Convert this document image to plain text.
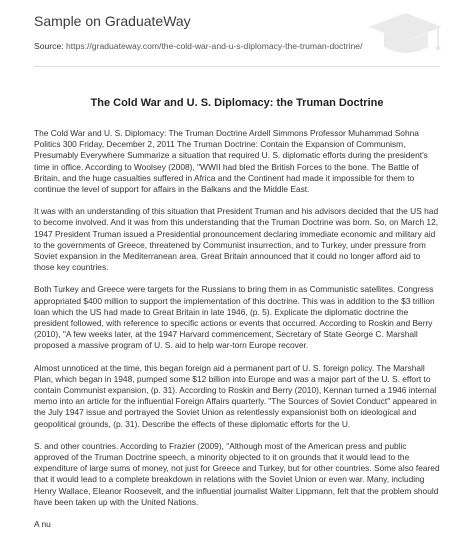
Sample on GraduateWay
Source: https://graduateway.com/the-cold-war-and-u-s-diplomacy-the-truman-doctrine/
The Cold War and U. S. Diplomacy: the Truman Doctrine

The Cold War and U. S. Diplomacy: The Truman Doctrine Ardell Simmons Professor Muhammad Sohna Politics 300 Friday, December 2, 2011 The Truman Doctrine: Contain the Expansion of Communism, Presumably Everywhere Summarize a situation that required U. S. diplomatic efforts during the president's time in office. According to Woolsey (2008), "WWII had bled the British Forces to the bone. The Battle of Britain, and the huge casualties suffered in Africa and the Continent had made it impossible for them to continue the level of support for affairs in the Balkans and the Middle East.

It was with an understanding of this situation that President Truman and his advisors decided that the US had to become involved. And it was from this understanding that the Truman Doctrine was born. So, on March 12, 1947 President Truman issued a Presidential pronouncement declaring immediate economic and military aid to the governments of Greece, threatened by Communist insurrection, and to Turkey, under pressure from Soviet expansion in the Mediterranean area. Great Britain announced that it could no longer afford aid to those key countries.

Both Turkey and Greece were targets for the Russians to bring them in as Communistic satellites. Congress appropriated $400 million to support the implementation of this doctrine. This was in addition to the $3 trillion loan which the US had made to Great Britain in late 1946, (p. 5). Explicate the diplomatic doctrine the president followed, with reference to specific actions or events that occurred. According to Roskin and Berry (2010), "A few weeks later, at the 1947 Harvard commencement, Secretary of State George C. Marshall proposed a massive program of U. S. aid to help war-torn Europe recover.

Almost unnoticed at the time, this began foreign aid a permanent part of U. S. foreign policy. The Marshall Plan, which began in 1948, pumped some $12 billion into Europe and was a major part of the U. S. effort to contain Communist expansion, (p. 31). According to Roskin and Berry (2010), Kennan turned a 1946 internal memo into an article for the influential Foreign Affairs quarterly. "The Sources of Soviet Conduct" appeared in the July 1947 issue and portrayed the Soviet Union as relentlessly expansionist both on ideological and geopolitical grounds, (p. 31). Describe the effects of these diplomatic efforts for the U.

S. and other countries. According to Frazier (2009), "Although most of the American press and public approved of the Truman Doctrine speech, a minority objected to it on grounds that it would lead to the expenditure of large sums of money, not just for Greece and Turkey, but for other countries. Some also feared that it would lead to a complete breakdown in relations with the Soviet Union or even war. Many, including Henry Wallace, Eleanor Roosevelt, and the influential journalist Walter Lippmann, felt that the problem should have been taken up with the United Nations.

A nu
